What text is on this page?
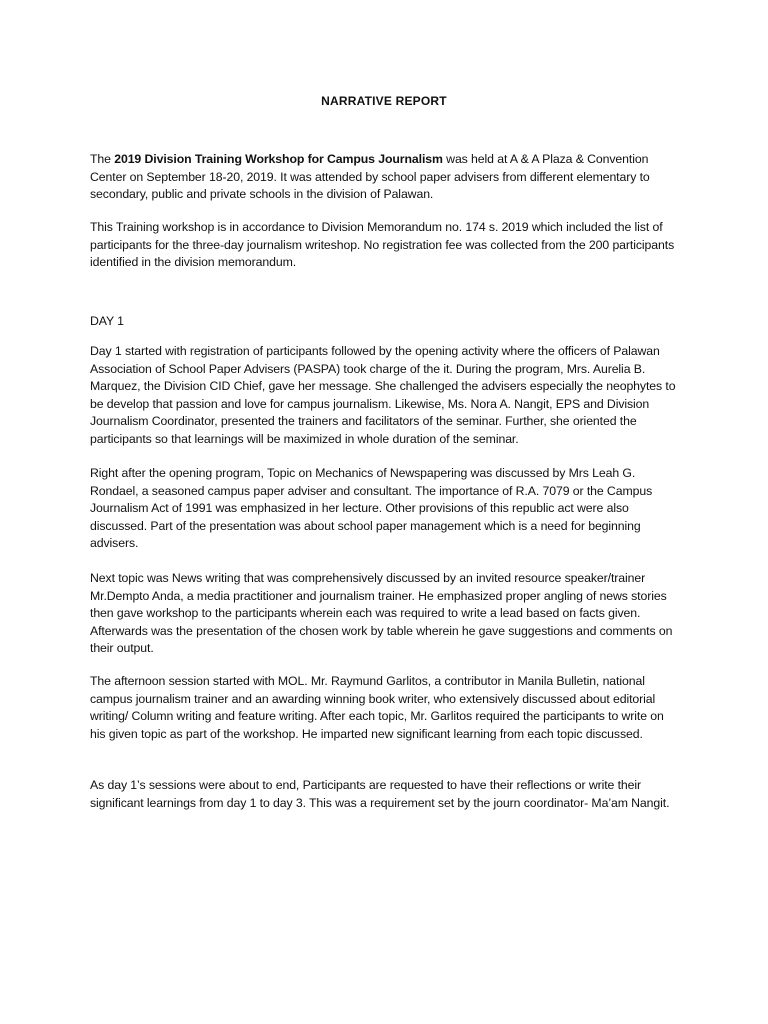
NARRATIVE REPORT

The 2019 Division Training Workshop for Campus Journalism was held at A & A Plaza & Convention Center on September 18-20, 2019. It was attended by school paper advisers from different elementary to secondary, public and private schools in the division of Palawan.

This Training workshop is in accordance to Division Memorandum no. 174 s. 2019 which included the list of participants for the three-day journalism writeshop. No registration fee was collected from the 200 participants identified in the division memorandum.

DAY 1

Day 1 started with registration of participants followed by the opening activity where the officers of Palawan Association of School Paper Advisers (PASPA) took charge of the it. During the program, Mrs. Aurelia B. Marquez, the Division CID Chief, gave her message. She challenged the advisers especially the neophytes to be develop that passion and love for campus journalism. Likewise, Ms. Nora A. Nangit, EPS and Division Journalism Coordinator, presented the trainers and facilitators of the seminar. Further, she oriented the participants so that learnings will be maximized in whole duration of the seminar.

Right after the opening program, Topic on Mechanics of Newspapering was discussed by Mrs Leah G. Rondael, a seasoned campus paper adviser and consultant. The importance of R.A. 7079 or the Campus Journalism Act of 1991 was emphasized in her lecture. Other provisions of this republic act were also discussed. Part of the presentation was about school paper management which is a need for beginning advisers.

Next topic was News writing that was comprehensively discussed by an invited resource speaker/trainer Mr.Dempto Anda, a media practitioner and journalism trainer. He emphasized proper angling of news stories then gave workshop to the participants wherein each was required to write a lead based on facts given. Afterwards was the presentation of the chosen work by table wherein he gave suggestions and comments on their output.

The afternoon session started with MOL. Mr. Raymund Garlitos, a contributor in Manila Bulletin, national campus journalism trainer and an awarding winning book writer, who extensively discussed about editorial writing/ Column writing and feature writing. After each topic, Mr. Garlitos required the participants to write on his given topic as part of the workshop. He imparted new significant learning from each topic discussed.

As day 1’s sessions were about to end, Participants are requested to have their reflections or write their significant learnings from day 1 to day 3. This was a requirement set by the journ coordinator- Ma’am Nangit.
